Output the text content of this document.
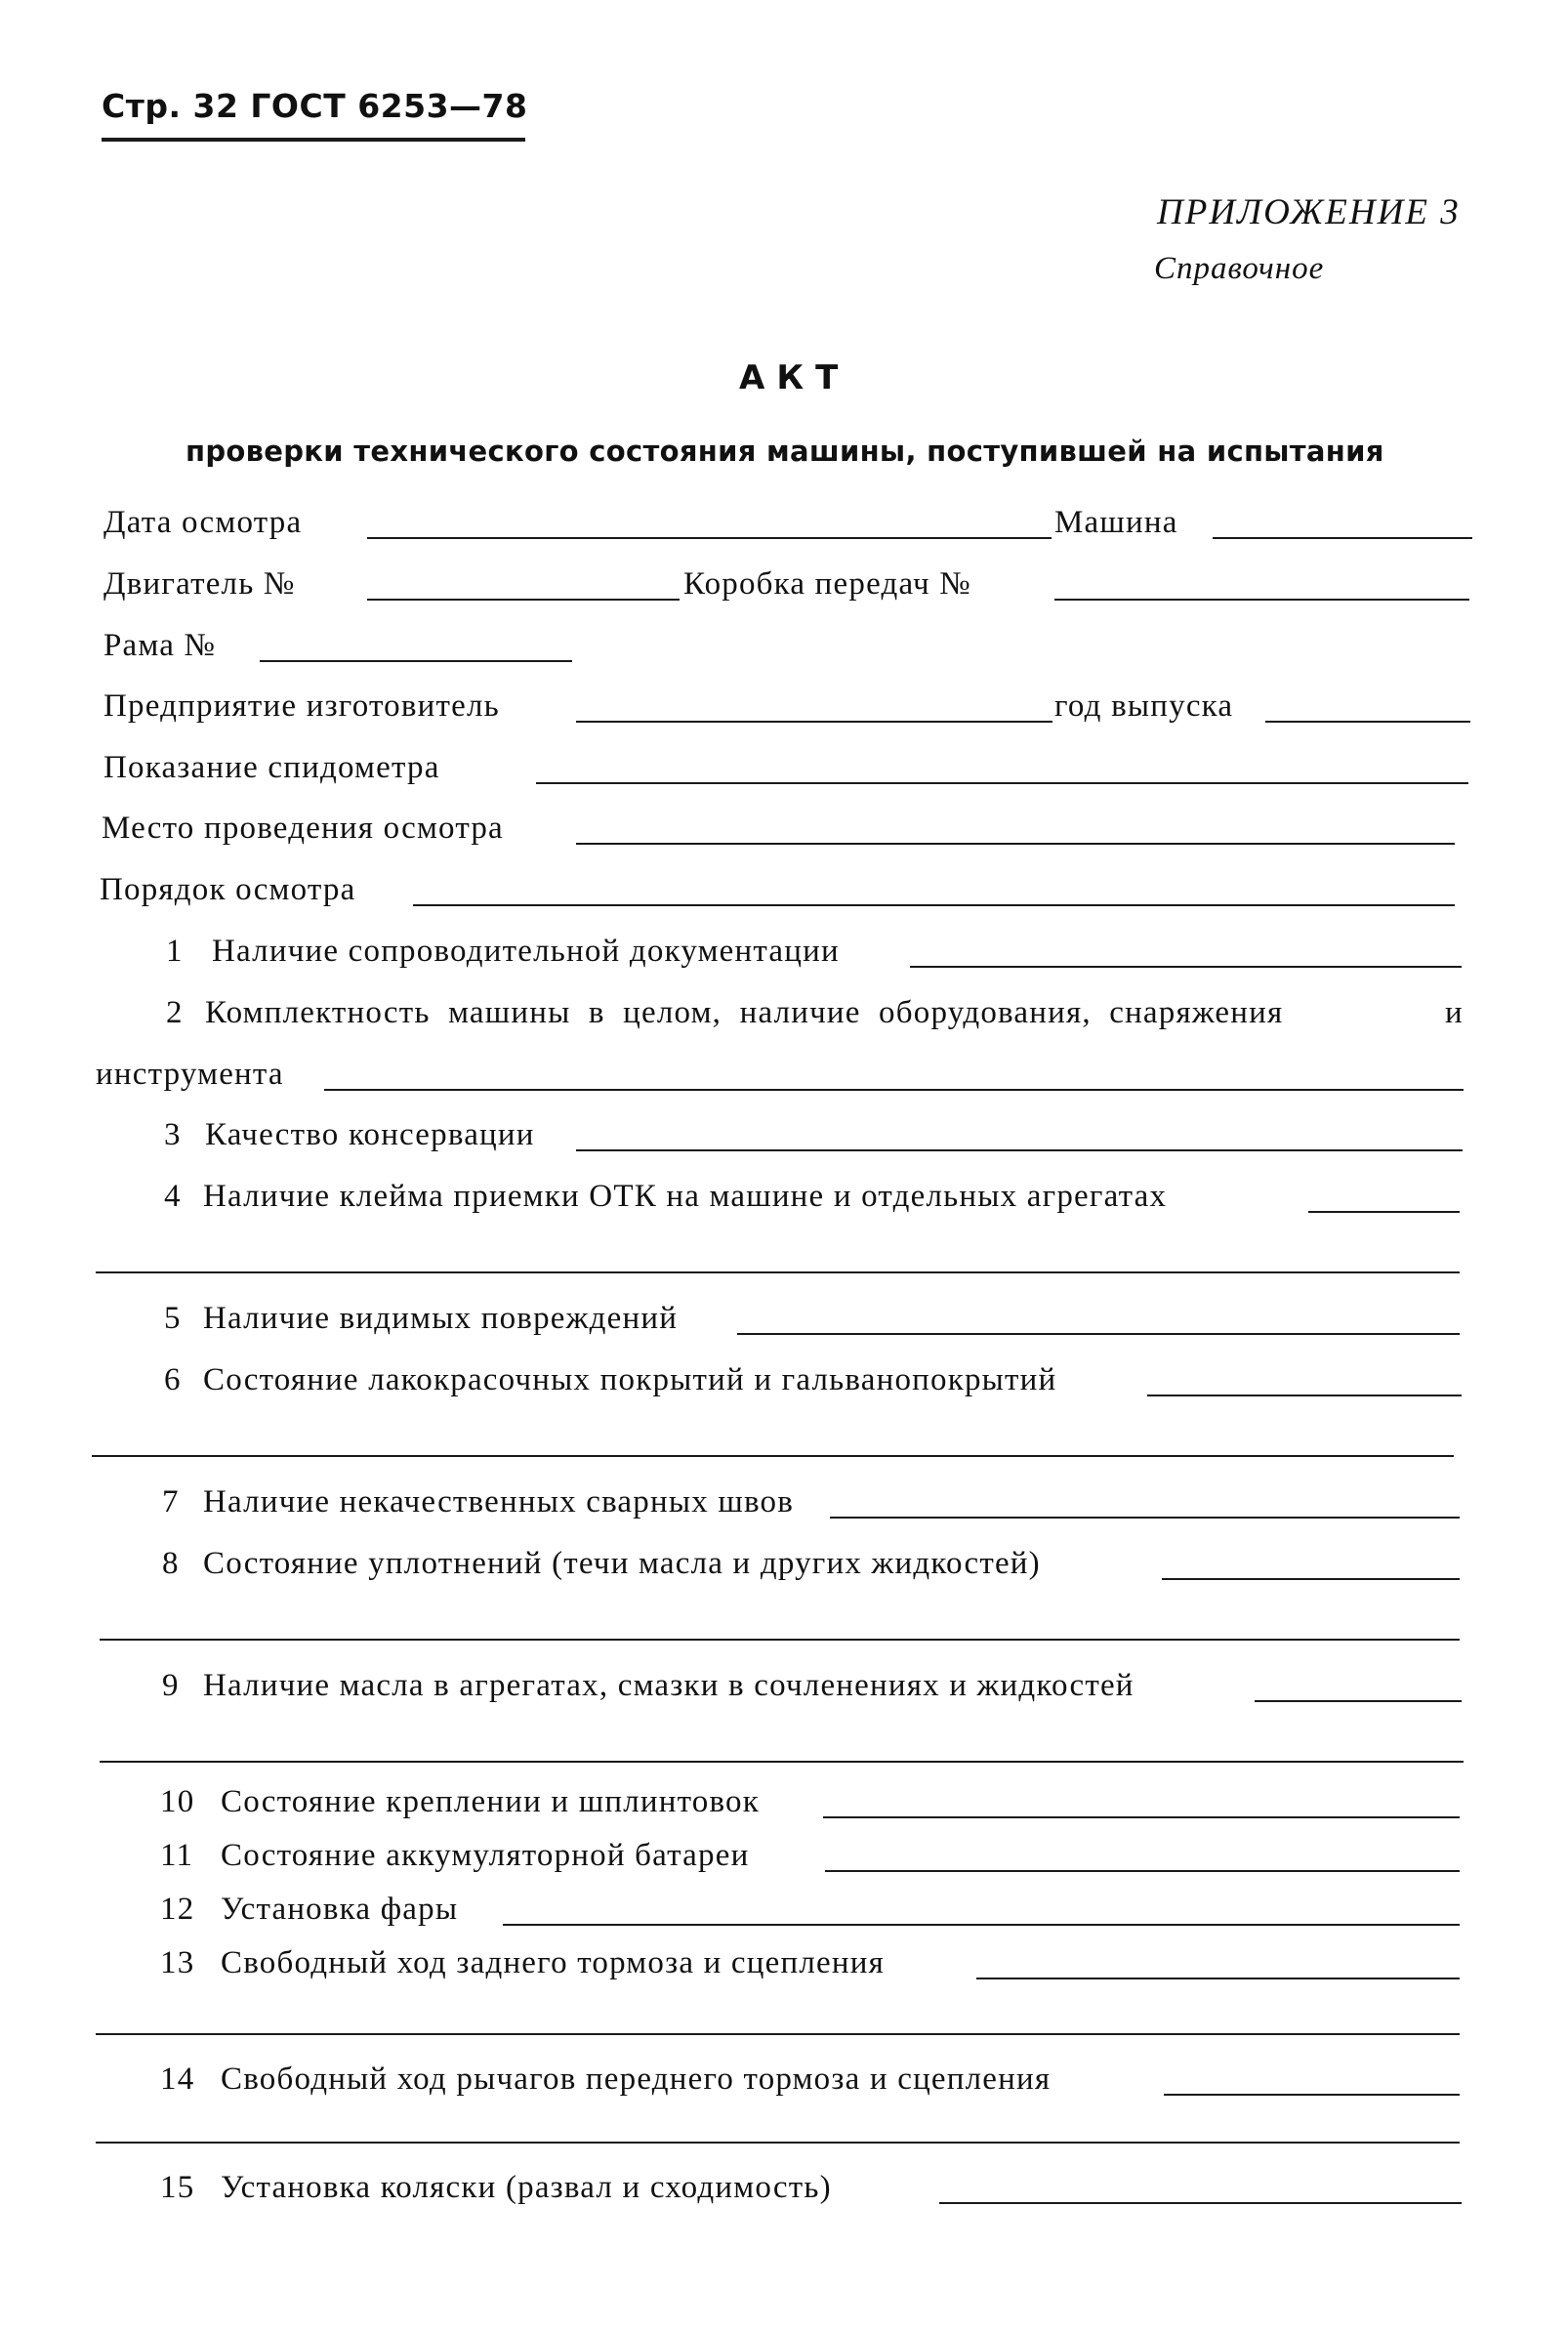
Стр. 32 ГОСТ 6253—78
ПРИЛОЖЕНИЕ 3
Справочное
АКТ
проверки технического состояния машины, поступившей на испытания
Дата осмотра	Машина
Двигатель №	Коробка передач №
Рама №
Предприятие изготовитель	год выпуска
Показание спидометра
Место проведения осмотра
Порядок осмотра
1 Наличие сопроводительной документации
2 Комплектность машины в целом, наличие оборудования, снаряжения	и
инструмента
3 Качество консервации
4 Наличие клейма приемки ОТК на машине и отдельных агрегатах
5 Наличие видимых повреждений
6 Состояние лакокрасочных покрытий и гальванопокрытий
7 Наличие некачественных сварных швов
8 Состояние уплотнений (течи масла и других жидкостей)
9 Наличие масла в агрегатах, смазки в сочленениях и жидкостей
10 Состояние креплении и шплинтовок
11 Состояние аккумуляторной батареи
12 Установка фары
13 Свободный ход заднего тормоза и сцепления
14 Свободный ход рычагов переднего тормоза и сцепления
15 Установка коляски (развал и сходимость)
